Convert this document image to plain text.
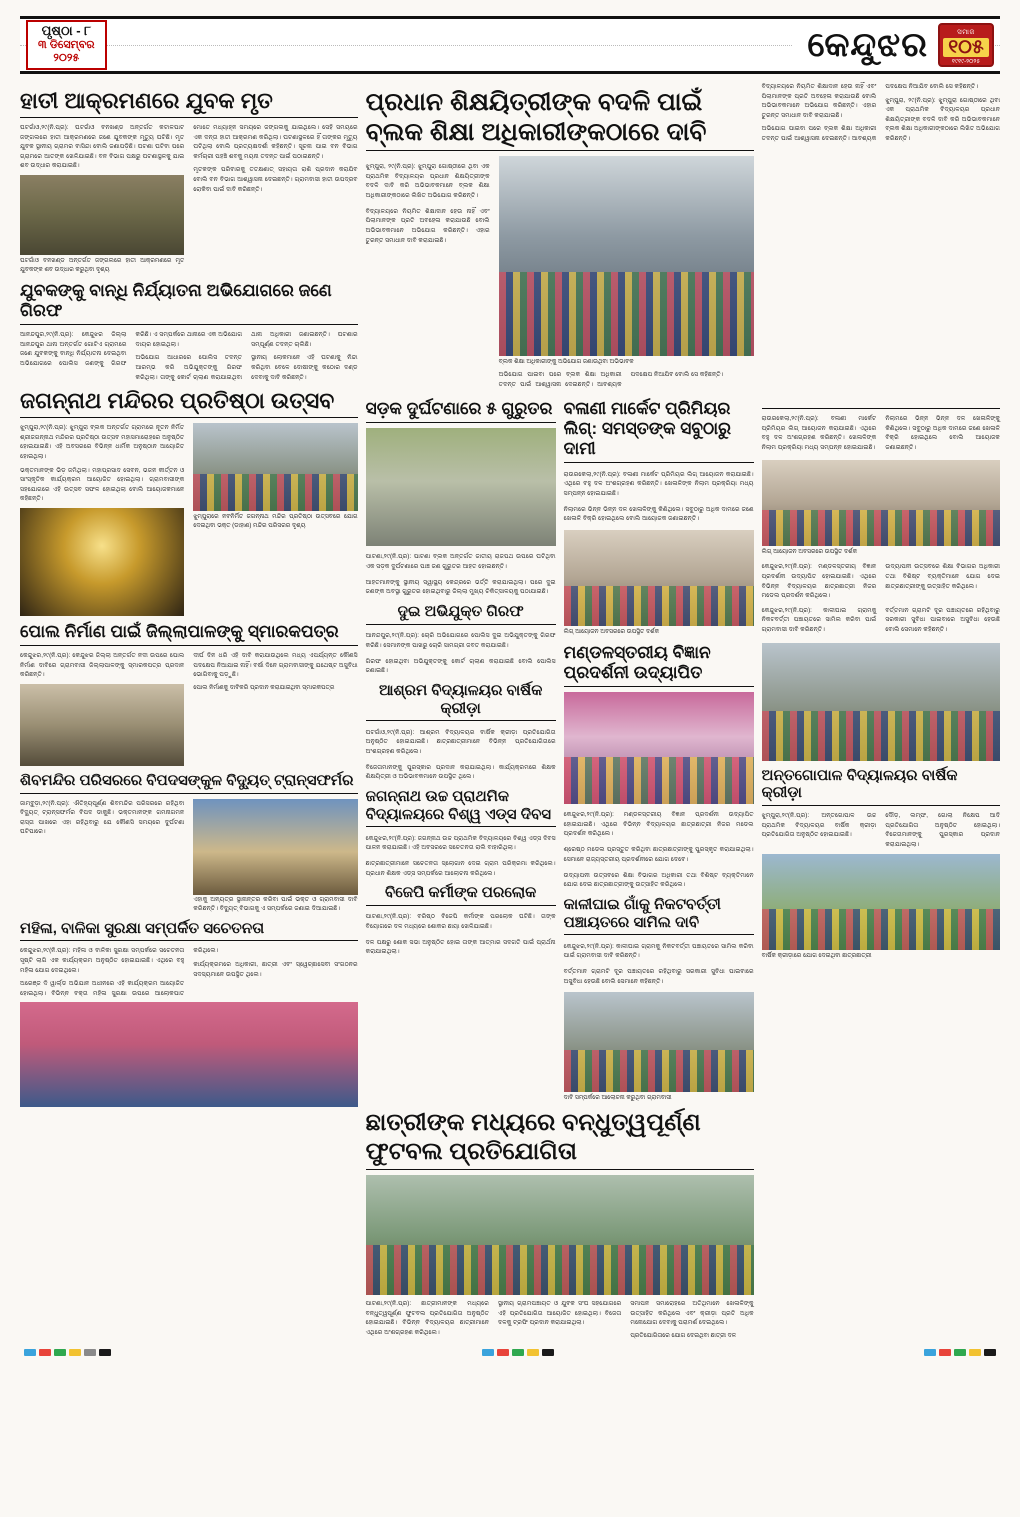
ପୃଷ୍ଠା - ୮
୩ ଡିସେମ୍ବର
୨୦୨୫	କେନ୍ଦୁଝର	ସମାଜ
୧୦୫
୧୯୧୯-୨୦୨୫
ହାତୀ ଆକ୍ରମଣରେ ଯୁବକ ମୃତ

ଘଟଗାଁଓ,୨୯(ନି.ପ୍ର): ଘଟଗାଁଓ ବନଖଣ୍ଡ ଅନ୍ତର୍ଗତ କଟାଳପାଟ ଜଙ୍ଗଲରେ ହାତୀ ଆକ୍ରମଣରେ ଜଣେ ଯୁବକଙ୍କ ମୃତ୍ୟୁ ଘଟିଛି। ମୃତ ଯୁବକ ସ୍ଥାନୀୟ ଗ୍ରାମର ବାସିନ୍ଦା ବୋଲି ଜଣାପଡ଼ିଛି। ଘଟଣା ଘଟିବା ପରେ ଗ୍ରାମରେ ଆତଙ୍କ ଖେଳିଯାଇଛି। ବନ ବିଭାଗ ପକ୍ଷରୁ ଘଟଣାସ୍ଥଳକୁ ଯାଇ ଶବ ଉଦ୍ଧାର କରାଯାଇଛି।

ଘଟଗାଁଓ ବନଖଣ୍ଡ ଅନ୍ତର୍ଗତ ଜଙ୍ଗଲରେ ହାତୀ ଆକ୍ରମଣରେ ମୃତ ଯୁବକଙ୍କ ଶବ ଉଦ୍ଧାର କରୁଥିବା ଦୃଶ୍ୟ

ମୋତେ ମଧ୍ୟାହ୍ନ ସମୟରେ ଜଙ୍ଗଲକୁ ଯାଇଥିଲେ। ସେହି ସମୟରେ ଏକ ଦନ୍ତା ହାତୀ ଆକ୍ରମଣ କରିଥିଲା। ଘଟଣାସ୍ଥଳରେ ହିଁ ତାଙ୍କର ମୃତ୍ୟୁ ଘଟିଥିଲା ବୋଲି ପ୍ରତ୍ୟକ୍ଷଦର୍ଶୀ କହିଛନ୍ତି। ସୂଚନା ପାଇ ବନ ବିଭାଗ କର୍ମଚାରୀ ପହଞ୍ଚି ଶବକୁ ମୟନା ତଦନ୍ତ ପାଇଁ ପଠାଇଛନ୍ତି।

ମୃତକଙ୍କ ପରିବାରକୁ ତତକ୍ଷଣାତ୍ ସହାୟତା ରାଶି ପ୍ରଦାନ କରାଯିବ ବୋଲି ବନ ବିଭାଗ ଆଶ୍ୱାସନା ଦେଇଛନ୍ତି। ଗ୍ରାମବାସୀ ହାତୀ ଉପଦ୍ରବ ରୋକିବା ପାଇଁ ଦାବି କରିଛନ୍ତି।

ଯୁବକଙ୍କୁ ବାନ୍ଧି ନିର୍ଯ୍ୟାତନା ଅଭିଯୋଗରେ ଜଣେ ଗିରଫ

ଆନନ୍ଦପୁର,୨୯(ନି.ପ୍ର): କେନ୍ଦୁଝର ଜିଲ୍ଲା ଆନନ୍ଦପୁର ଥାନା ଅନ୍ତର୍ଗତ ଗୋଟିଏ ଗ୍ରାମରେ ଜଣେ ଯୁବକଙ୍କୁ ବାନ୍ଧି ନିର୍ଯ୍ୟାତନା ଦେଇଥିବା ଅଭିଯୋଗରେ ପୋଲିସ ଜଣଙ୍କୁ ଗିରଫ କରିଛି। ଏ ସମ୍ପର୍କରେ ଥାନାରେ ଏକ ଅଭିଯୋଗ ଦାୟର ହୋଇଥିଲା।

ଅଭିଯୋଗ ଆଧାରରେ ପୋଲିସ ତଦନ୍ତ ଆରମ୍ଭ କରି ଅଭିଯୁକ୍ତଙ୍କୁ ଗିରଫ କରିଥିଲା। ତାଙ୍କୁ କୋର୍ଟ ଚାଲାଣ କରାଯାଇଥିବା ଥାନା ଅଧିକାରୀ ଜଣାଇଛନ୍ତି। ଘଟଣାର ସମ୍ପୂର୍ଣ୍ଣ ତଦନ୍ତ ଚାଲିଛି।

ସ୍ଥାନୀୟ ଲୋକମାନେ ଏହି ଘଟଣାକୁ ନିନ୍ଦା କରିଥିବା ବେଳେ ଦୋଷୀଙ୍କୁ କଠୋର ଦଣ୍ଡ ଦେବାକୁ ଦାବି କରିଛନ୍ତି।

ଜଗନ୍ନାଥ ମନ୍ଦିରର ପ୍ରତିଷ୍ଠା ଉତ୍ସବ

ଝୁମ୍ପୁରା,୨୯(ନି.ପ୍ର): ଝୁମ୍ପୁରା ବ୍ଲକ ଅନ୍ତର୍ଗତ ଗ୍ରାମରେ ନୂତନ ନିର୍ମିତ ଶ୍ରୀଜଗନ୍ନାଥ ମନ୍ଦିରର ପ୍ରତିଷ୍ଠା ଉତ୍ସବ ମହାସମାରୋହରେ ଅନୁଷ୍ଠିତ ହୋଇଯାଇଛି। ଏହି ଅବସରରେ ବିଭିନ୍ନ ଧାର୍ମିକ ଅନୁଷ୍ଠାନ ଆୟୋଜିତ ହୋଇଥିଲା।

ଭକ୍ତମାନଙ୍କ ଭିଡ଼ ଜମିଥିଲା। ମହାପ୍ରସାଦ ସେବନ, ଭଜନ କୀର୍ତ୍ତନ ଓ ସାଂସ୍କୃତିକ କାର୍ଯ୍ୟକ୍ରମ ଆୟୋଜିତ ହୋଇଥିଲା। ଗ୍ରାମବାସୀଙ୍କ ସହଯୋଗରେ ଏହି ଉତ୍ସବ ସଫଳ ହୋଇଥିଲା ବୋଲି ଆୟୋଜକମାନେ କହିଛନ୍ତି।

ଝୁମ୍ପୁରାରେ ନବନିର୍ମିତ ଜଗନ୍ନାଥ ମନ୍ଦିର ପ୍ରତିଷ୍ଠା ଉତ୍ସବରେ ଯୋଗ ଦେଇଥିବା ଭକ୍ତ (ଡାହାଣ) ମନ୍ଦିର ପରିସରର ଦୃଶ୍ୟ
ପୋଲ ନିର୍ମାଣ ପାଇଁ ଜିଲ୍ଲାପାଳଙ୍କୁ ସ୍ମାରକପତ୍ର

କେନ୍ଦୁଝର,୨୯(ନି.ପ୍ର): କେନ୍ଦୁଝର ଜିଲ୍ଲା ଅନ୍ତର୍ଗତ ନଦୀ ଉପରେ ପୋଲ ନିର୍ମାଣ ଦାବିରେ ଗ୍ରାମବାସୀ ଜିଲ୍ଲାପାଳଙ୍କୁ ସ୍ମାରକପତ୍ର ପ୍ରଦାନ କରିଛନ୍ତି।

ଦୀର୍ଘ ଦିନ ଧରି ଏହି ଦାବି କରାଯାଉଥିଲେ ମଧ୍ୟ ଏପର୍ଯ୍ୟନ୍ତ କୌଣସି ପଦକ୍ଷେପ ନିଆଯାଇ ନାହିଁ। ବର୍ଷା ଦିନେ ଗ୍ରାମବାସୀଙ୍କୁ ଯଥେଷ୍ଟ ଅସୁବିଧା ଭୋଗିବାକୁ ପଡ଼ୁଛି।

ପୋଲ ନିର୍ମାଣକୁ ଦାବିକରି ପ୍ରଦାନ କରାଯାଇଥିବା ସ୍ମାରକପତ୍ର
ଶିବମନ୍ଦିର ପରିସରରେ ବିପଦସଙ୍କୁଳ ବିଦ୍ୟୁତ୍ ଟ୍ରାନ୍ସଫର୍ମର

ଜାମ୍ବୁଡ଼ା,୨୯(ନି.ପ୍ର): ଐତିହ୍ୟପୂର୍ଣ୍ଣ ଶିବମନ୍ଦିର ପରିସରରେ ରହିଥିବା ବିଦ୍ୟୁତ୍ ଟ୍ରାନ୍ସଫର୍ମର ବିପଦ ଡାକୁଛି। ଭକ୍ତମାନଙ୍କ ଗମନାଗମନ ରାସ୍ତା ପାଖରେ ଏହା ରହିଥିବାରୁ ଯେ କୌଣସି ସମୟରେ ଦୁର୍ଘଟଣା ଘଟିପାରେ।

ଏହାକୁ ଅନ୍ୟତ୍ର ସ୍ଥାନାନ୍ତର କରିବା ପାଇଁ ଭକ୍ତ ଓ ଗ୍ରାମବାସୀ ଦାବି କରିଛନ୍ତି। ବିଦ୍ୟୁତ୍ ବିଭାଗକୁ ଏ ସମ୍ପର୍କରେ ଜଣାଇ ଦିଆଯାଇଛି।

ମହିଳା, ବାଳିକା ସୁରକ୍ଷା ସମ୍ପର୍କିତ ସଚେତନତା

କେନ୍ଦୁଝର,୨୯(ନି.ପ୍ର): ମହିଳା ଓ ବାଳିକା ସୁରକ୍ଷା ସମ୍ପର୍କରେ ସଚେତନତା ସୃଷ୍ଟି ଲାଗି ଏକ କାର୍ଯ୍ୟକ୍ରମ ଅନୁଷ୍ଠିତ ହୋଇଯାଇଛି। ଏଥିରେ ବହୁ ମହିଳା ଯୋଗ ଦେଇଥିଲେ।

ଅରେଞ୍ଜ ଦି ୱାର୍ଲ୍ଡ ଅଭିଯାନ ଅଧୀନରେ ଏହି କାର୍ଯ୍ୟକ୍ରମ ଆୟୋଜିତ ହୋଇଥିଲା। ବିଭିନ୍ନ ବକ୍ତା ମହିଳା ସୁରକ୍ଷା ଉପରେ ଆଲୋକପାତ କରିଥିଲେ।

କାର୍ଯ୍ୟକ୍ରମରେ ଅଧିକାରୀ, ଛାତ୍ରୀ ଏବଂ ସ୍ୱେଚ୍ଛାସେବୀ ସଂଗଠନର ସଦସ୍ୟମାନେ ଉପସ୍ଥିତ ଥିଲେ।

ପ୍ରଧାନ ଶିକ୍ଷୟିତ୍ରୀଙ୍କ ବଦଳି ପାଇଁ ବ୍ଲକ ଶିକ୍ଷା ଅଧିକାରୀଙ୍କଠାରେ ଦାବି

ଝୁମ୍ପୁରା, ୨୯(ନି.ପ୍ର): ଝୁମ୍ପୁରା ଗୋଷ୍ଠୀରେ ଥିବା ଏକ ପ୍ରାଥମିକ ବିଦ୍ୟାଳୟର ପ୍ରଧାନ ଶିକ୍ଷୟିତ୍ରୀଙ୍କ ବଦଳି ଦାବି କରି ଅଭିଭାବକମାନେ ବ୍ଲକ ଶିକ୍ଷା ଅଧିକାରୀଙ୍କଠାରେ ଲିଖିତ ଅଭିଯୋଗ କରିଛନ୍ତି।

ବିଦ୍ୟାଳୟରେ ନିୟମିତ ଶିକ୍ଷାଦାନ ହେଉ ନାହିଁ ଏବଂ ପିଲାମାନଙ୍କ ପ୍ରତି ଅବହେଳା କରାଯାଉଛି ବୋଲି ଅଭିଭାବକମାନେ ଅଭିଯୋଗ କରିଛନ୍ତି। ଏହାର ତୁରନ୍ତ ସମାଧାନ ଦାବି କରାଯାଇଛି।

ବ୍ଲକ ଶିକ୍ଷା ଅଧିକାରୀଙ୍କୁ ଅଭିଯୋଗ ଜଣାଉଥିବା ଅଭିଭାବକ

ଅଭିଯୋଗ ପାଇବା ପରେ ବ୍ଲକ ଶିକ୍ଷା ଅଧିକାରୀ ତଦନ୍ତ ପାଇଁ ଆଶ୍ୱାସନା ଦେଇଛନ୍ତି। ଆବଶ୍ୟକ ପଦକ୍ଷେପ ନିଆଯିବ ବୋଲି ସେ କହିଛନ୍ତି।

ସଡ଼କ ଦୁର୍ଘଟଣାରେ ୫ ଗୁରୁତର

ପାଟଣା,୨୯(ନି.ପ୍ର): ପାଟଣା ବ୍ଲକ ଅନ୍ତର୍ଗତ ଜାତୀୟ ରାଜପଥ ଉପରେ ଘଟିଥିବା ଏକ ସଡ଼କ ଦୁର୍ଘଟଣାରେ ପାଞ୍ଚ ଜଣ ଗୁରୁତର ଆହତ ହୋଇଛନ୍ତି।

ଆହତମାନଙ୍କୁ ସ୍ଥାନୀୟ ସ୍ୱାସ୍ଥ୍ୟ କେନ୍ଦ୍ରରେ ଭର୍ତ୍ତି କରାଯାଇଥିଲା। ପରେ ଦୁଇ ଜଣଙ୍କ ଅବସ୍ଥା ଗୁରୁତର ହୋଇଥିବାରୁ ଜିଲ୍ଲା ମୁଖ୍ୟ ଚିକିତ୍ସାଳୟକୁ ପଠାଯାଇଛି।

ଦୁଇ ଅଭିଯୁକ୍ତ ଗିରଫ

ଆନନ୍ଦପୁର,୨୯(ନି.ପ୍ର): ଚୋରି ଅଭିଯୋଗରେ ପୋଲିସ ଦୁଇ ଅଭିଯୁକ୍ତଙ୍କୁ ଗିରଫ କରିଛି। ସେମାନଙ୍କ ପାଖରୁ ଚୋରି ସାମଗ୍ରୀ ଜବତ କରାଯାଇଛି।

ଗିରଫ ହୋଇଥିବା ଅଭିଯୁକ୍ତଙ୍କୁ କୋର୍ଟ ଚାଲାଣ କରାଯାଇଛି ବୋଲି ପୋଲିସ ଜଣାଇଛି।

ଆଶ୍ରମ ବିଦ୍ୟାଳୟର ବାର୍ଷିକ କ୍ରୀଡ଼ା

ଘଟଗାଁଓ,୨୯(ନି.ପ୍ର): ଆଶ୍ରମ ବିଦ୍ୟାଳୟର ବାର୍ଷିକ କ୍ରୀଡ଼ା ପ୍ରତିଯୋଗିତା ଅନୁଷ୍ଠିତ ହୋଇଯାଇଛି। ଛାତ୍ରଛାତ୍ରୀମାନେ ବିଭିନ୍ନ ପ୍ରତିଯୋଗିତାରେ ଅଂଶଗ୍ରହଣ କରିଥିଲେ।

ବିଜେତାମାନଙ୍କୁ ପୁରସ୍କାର ପ୍ରଦାନ କରାଯାଇଥିଲା। କାର୍ଯ୍ୟକ୍ରମରେ ଶିକ୍ଷକ ଶିକ୍ଷୟିତ୍ରୀ ଓ ଅଭିଭାବକମାନେ ଉପସ୍ଥିତ ଥିଲେ।

ଜଗନ୍ନାଥ ଉଚ୍ଚ ପ୍ରାଥମିକ ବିଦ୍ୟାଳୟରେ ବିଶ୍ୱ ଏଡ୍ସ ଦିବସ

କେନ୍ଦୁଝର,୨୯(ନି.ପ୍ର): ଜଗନ୍ନାଥ ଉଚ୍ଚ ପ୍ରାଥମିକ ବିଦ୍ୟାଳୟରେ ବିଶ୍ୱ ଏଡ୍ସ ଦିବସ ପାଳନ କରାଯାଇଛି। ଏହି ଅବସରରେ ସଚେତନତା ରାଲି ବାହାରିଥିଲା।

ଛାତ୍ରଛାତ୍ରୀମାନେ ସଚେତନତା ସ୍ଲୋଗାନ ଦେଇ ଗ୍ରାମ ପରିକ୍ରମା କରିଥିଲେ। ପ୍ରଧାନ ଶିକ୍ଷକ ଏଡ୍ସ ସମ୍ପର୍କରେ ଆଲୋଚନା କରିଥିଲେ।

ବିଜେପି କର୍ମୀଙ୍କ ପରଲୋକ

ପାଟଣା,୨୯(ନି.ପ୍ର): ବରିଷ୍ଠ ବିଜେପି କର୍ମୀଙ୍କ ପରଲୋକ ଘଟିଛି। ତାଙ୍କ ବିୟୋଗରେ ଦଳ ମଧ୍ୟରେ ଶୋକର ଛାୟା ଖେଳିଯାଇଛି।

ଦଳ ପକ୍ଷରୁ ଶୋକ ସଭା ଅନୁଷ୍ଠିତ ହୋଇ ତାଙ୍କ ଆତ୍ମାର ସଦଗତି ପାଇଁ ପ୍ରାର୍ଥନା କରାଯାଇଥିଲା।

ବଳାଣୀ ମାର୍କେଟ ପ୍ରିମିୟର ଲିଗ୍: ସମସ୍ତଙ୍କ ସବୁଠାରୁ ଦାମୀ

ରାଉରକେଲା,୨୯(ନି.ପ୍ର): ବଳାଣୀ ମାର୍କେଟ ପ୍ରିମିୟର ଲିଗ୍ ଆୟୋଜନ କରାଯାଇଛି। ଏଥିରେ ବହୁ ଦଳ ଅଂଶଗ୍ରହଣ କରିଛନ୍ତି। ଖେଳାଳିଙ୍କ ନିଲାମ ପ୍ରକ୍ରିୟା ମଧ୍ୟ ସମ୍ପନ୍ନ ହୋଇଯାଇଛି।

ନିଲାମରେ ଭିନ୍ନ ଭିନ୍ନ ଦଳ ଖେଳାଳିଙ୍କୁ କିଣିଥିଲେ। ସବୁଠାରୁ ଅଧିକ ଦାମରେ ଜଣେ ଖେଳାଳି ବିକ୍ରି ହୋଇଥିଲେ ବୋଲି ଆୟୋଜକ ଜଣାଇଛନ୍ତି।

ଲିଗ୍ ଆୟୋଜନ ଅବସରରେ ଉପସ୍ଥିତ ଦର୍ଶକ
ମଣ୍ଡଳସ୍ତରୀୟ ବିଜ୍ଞାନ ପ୍ରଦର୍ଶନୀ ଉଦ୍ୟାପିତ

କେନ୍ଦୁଝର,୨୯(ନି.ପ୍ର): ମଣ୍ଡଳସ୍ତରୀୟ ବିଜ୍ଞାନ ପ୍ରଦର୍ଶନୀ ଉଦ୍ୟାପିତ ହୋଇଯାଇଛି। ଏଥିରେ ବିଭିନ୍ନ ବିଦ୍ୟାଳୟର ଛାତ୍ରଛାତ୍ରୀ ନିଜର ମଡେଲ ପ୍ରଦର୍ଶନ କରିଥିଲେ।

ଶ୍ରେଷ୍ଠ ମଡେଲ ପ୍ରସ୍ତୁତ କରିଥିବା ଛାତ୍ରଛାତ୍ରୀଙ୍କୁ ପୁରସ୍କୃତ କରାଯାଇଥିଲା। ସେମାନେ ରାଜ୍ୟସ୍ତରୀୟ ପ୍ରଦର୍ଶନୀରେ ଯୋଗ ଦେବେ।

ଉଦ୍ୟାପନୀ ଉତ୍ସବରେ ଶିକ୍ଷା ବିଭାଗର ଅଧିକାରୀ ତଥା ବିଶିଷ୍ଟ ବ୍ୟକ୍ତିମାନେ ଯୋଗ ଦେଇ ଛାତ୍ରଛାତ୍ରୀଙ୍କୁ ଉତ୍ସାହିତ କରିଥିଲେ।

କାଳୀଘାଇ ଗାଁକୁ ନିକଟବର୍ତ୍ତୀ ପଞ୍ଚାୟତରେ ସାମିଲ ଦାବି

କେନ୍ଦୁଝର,୨୯(ନି.ପ୍ର): କାଳୀଘାଇ ଗ୍ରାମକୁ ନିକଟବର୍ତ୍ତୀ ପଞ୍ଚାୟତରେ ସାମିଲ କରିବା ପାଇଁ ଗ୍ରାମବାସୀ ଦାବି କରିଛନ୍ତି।

ବର୍ତ୍ତମାନ ଗ୍ରାମଟି ଦୂର ପଞ୍ଚାୟତରେ ରହିଥିବାରୁ ସରକାରୀ ସୁବିଧା ପାଇବାରେ ଅସୁବିଧା ହେଉଛି ବୋଲି ସେମାନେ କହିଛନ୍ତି।

ଦାବି ସମ୍ପର୍କରେ ଆଲୋଚନା କରୁଥିବା ଗ୍ରାମବାସୀ
ଛାତ୍ରୀଙ୍କ ମଧ୍ୟରେ ବନ୍ଧୁତ୍ୱପୂର୍ଣ୍ଣ ଫୁଟବଲ ପ୍ରତିଯୋଗିତା

ପାଟଣା,୨୯(ନି.ପ୍ର): ଛାତ୍ରୀମାନଙ୍କ ମଧ୍ୟରେ ବନ୍ଧୁତ୍ୱପୂର୍ଣ୍ଣ ଫୁଟବଲ ପ୍ରତିଯୋଗିତା ଅନୁଷ୍ଠିତ ହୋଇଯାଇଛି। ବିଭିନ୍ନ ବିଦ୍ୟାଳୟର ଛାତ୍ରୀମାନେ ଏଥିରେ ଅଂଶଗ୍ରହଣ କରିଥିଲେ।

ସ୍ଥାନୀୟ ଗ୍ରାମପଞ୍ଚାୟତ ଓ ଯୁବକ ସଂଘ ସହଯୋଗରେ ଏହି ପ୍ରତିଯୋଗିତା ଆୟୋଜିତ ହୋଇଥିଲା। ବିଜେତା ଦଳକୁ ଟ୍ରଫି ପ୍ରଦାନ କରାଯାଇଥିଲା।

ସମାପନ ସମାରୋହରେ ଅତିଥିମାନେ ଖେଳାଳିଙ୍କୁ ଉତ୍ସାହିତ କରିଥିଲେ ଏବଂ କ୍ରୀଡ଼ା ପ୍ରତି ଅଧିକ ମନୋଯୋଗ ଦେବାକୁ ପରାମର୍ଶ ଦେଇଥିଲେ।

ପ୍ରତିଯୋଗିତାରେ ଯୋଗ ଦେଇଥିବା ଛାତ୍ରୀ ଦଳ

ବିଦ୍ୟାଳୟରେ ନିୟମିତ ଶିକ୍ଷାଦାନ ହେଉ ନାହିଁ ଏବଂ ପିଲାମାନଙ୍କ ପ୍ରତି ଅବହେଳା କରାଯାଉଛି ବୋଲି ଅଭିଭାବକମାନେ ଅଭିଯୋଗ କରିଛନ୍ତି। ଏହାର ତୁରନ୍ତ ସମାଧାନ ଦାବି କରାଯାଇଛି।

ଅଭିଯୋଗ ପାଇବା ପରେ ବ୍ଲକ ଶିକ୍ଷା ଅଧିକାରୀ ତଦନ୍ତ ପାଇଁ ଆଶ୍ୱାସନା ଦେଇଛନ୍ତି। ଆବଶ୍ୟକ ପଦକ୍ଷେପ ନିଆଯିବ ବୋଲି ସେ କହିଛନ୍ତି।

ଝୁମ୍ପୁରା, ୨୯(ନି.ପ୍ର): ଝୁମ୍ପୁରା ଗୋଷ୍ଠୀରେ ଥିବା ଏକ ପ୍ରାଥମିକ ବିଦ୍ୟାଳୟର ପ୍ରଧାନ ଶିକ୍ଷୟିତ୍ରୀଙ୍କ ବଦଳି ଦାବି କରି ଅଭିଭାବକମାନେ ବ୍ଲକ ଶିକ୍ଷା ଅଧିକାରୀଙ୍କଠାରେ ଲିଖିତ ଅଭିଯୋଗ କରିଛନ୍ତି।

ରାଉରକେଲା,୨୯(ନି.ପ୍ର): ବଳାଣୀ ମାର୍କେଟ ପ୍ରିମିୟର ଲିଗ୍ ଆୟୋଜନ କରାଯାଇଛି। ଏଥିରେ ବହୁ ଦଳ ଅଂଶଗ୍ରହଣ କରିଛନ୍ତି। ଖେଳାଳିଙ୍କ ନିଲାମ ପ୍ରକ୍ରିୟା ମଧ୍ୟ ସମ୍ପନ୍ନ ହୋଇଯାଇଛି।

ନିଲାମରେ ଭିନ୍ନ ଭିନ୍ନ ଦଳ ଖେଳାଳିଙ୍କୁ କିଣିଥିଲେ। ସବୁଠାରୁ ଅଧିକ ଦାମରେ ଜଣେ ଖେଳାଳି ବିକ୍ରି ହୋଇଥିଲେ ବୋଲି ଆୟୋଜକ ଜଣାଇଛନ୍ତି।

ଲିଗ୍ ଆୟୋଜନ ଅବସରରେ ଉପସ୍ଥିତ ଦର୍ଶକ

କେନ୍ଦୁଝର,୨୯(ନି.ପ୍ର): ମଣ୍ଡଳସ୍ତରୀୟ ବିଜ୍ଞାନ ପ୍ରଦର୍ଶନୀ ଉଦ୍ୟାପିତ ହୋଇଯାଇଛି। ଏଥିରେ ବିଭିନ୍ନ ବିଦ୍ୟାଳୟର ଛାତ୍ରଛାତ୍ରୀ ନିଜର ମଡେଲ ପ୍ରଦର୍ଶନ କରିଥିଲେ।

ଉଦ୍ୟାପନୀ ଉତ୍ସବରେ ଶିକ୍ଷା ବିଭାଗର ଅଧିକାରୀ ତଥା ବିଶିଷ୍ଟ ବ୍ୟକ୍ତିମାନେ ଯୋଗ ଦେଇ ଛାତ୍ରଛାତ୍ରୀଙ୍କୁ ଉତ୍ସାହିତ କରିଥିଲେ।

କେନ୍ଦୁଝର,୨୯(ନି.ପ୍ର): କାଳୀଘାଇ ଗ୍ରାମକୁ ନିକଟବର୍ତ୍ତୀ ପଞ୍ଚାୟତରେ ସାମିଲ କରିବା ପାଇଁ ଗ୍ରାମବାସୀ ଦାବି କରିଛନ୍ତି।

ବର୍ତ୍ତମାନ ଗ୍ରାମଟି ଦୂର ପଞ୍ଚାୟତରେ ରହିଥିବାରୁ ସରକାରୀ ସୁବିଧା ପାଇବାରେ ଅସୁବିଧା ହେଉଛି ବୋଲି ସେମାନେ କହିଛନ୍ତି।

ଅନ୍ତଗୋପାଳ ବିଦ୍ୟାଳୟର ବାର୍ଷିକ କ୍ରୀଡ଼ା

ଝୁମ୍ପୁରା,୨୯(ନି.ପ୍ର): ଅନ୍ତଗୋପାଳ ଉଚ୍ଚ ପ୍ରାଥମିକ ବିଦ୍ୟାଳୟର ବାର୍ଷିକ କ୍ରୀଡ଼ା ପ୍ରତିଯୋଗିତା ଅନୁଷ୍ଠିତ ହୋଇଯାଇଛି।

ଦୌଡ଼, ଲମ୍ଫ, ଗୋଲା ନିକ୍ଷେପ ଆଦି ପ୍ରତିଯୋଗିତା ଅନୁଷ୍ଠିତ ହୋଇଥିଲା। ବିଜେତାମାନଙ୍କୁ ପୁରସ୍କାର ପ୍ରଦାନ କରାଯାଇଥିଲା।

ବାର୍ଷିକ କ୍ରୀଡ଼ାରେ ଯୋଗ ଦେଇଥିବା ଛାତ୍ରଛାତ୍ରୀ
